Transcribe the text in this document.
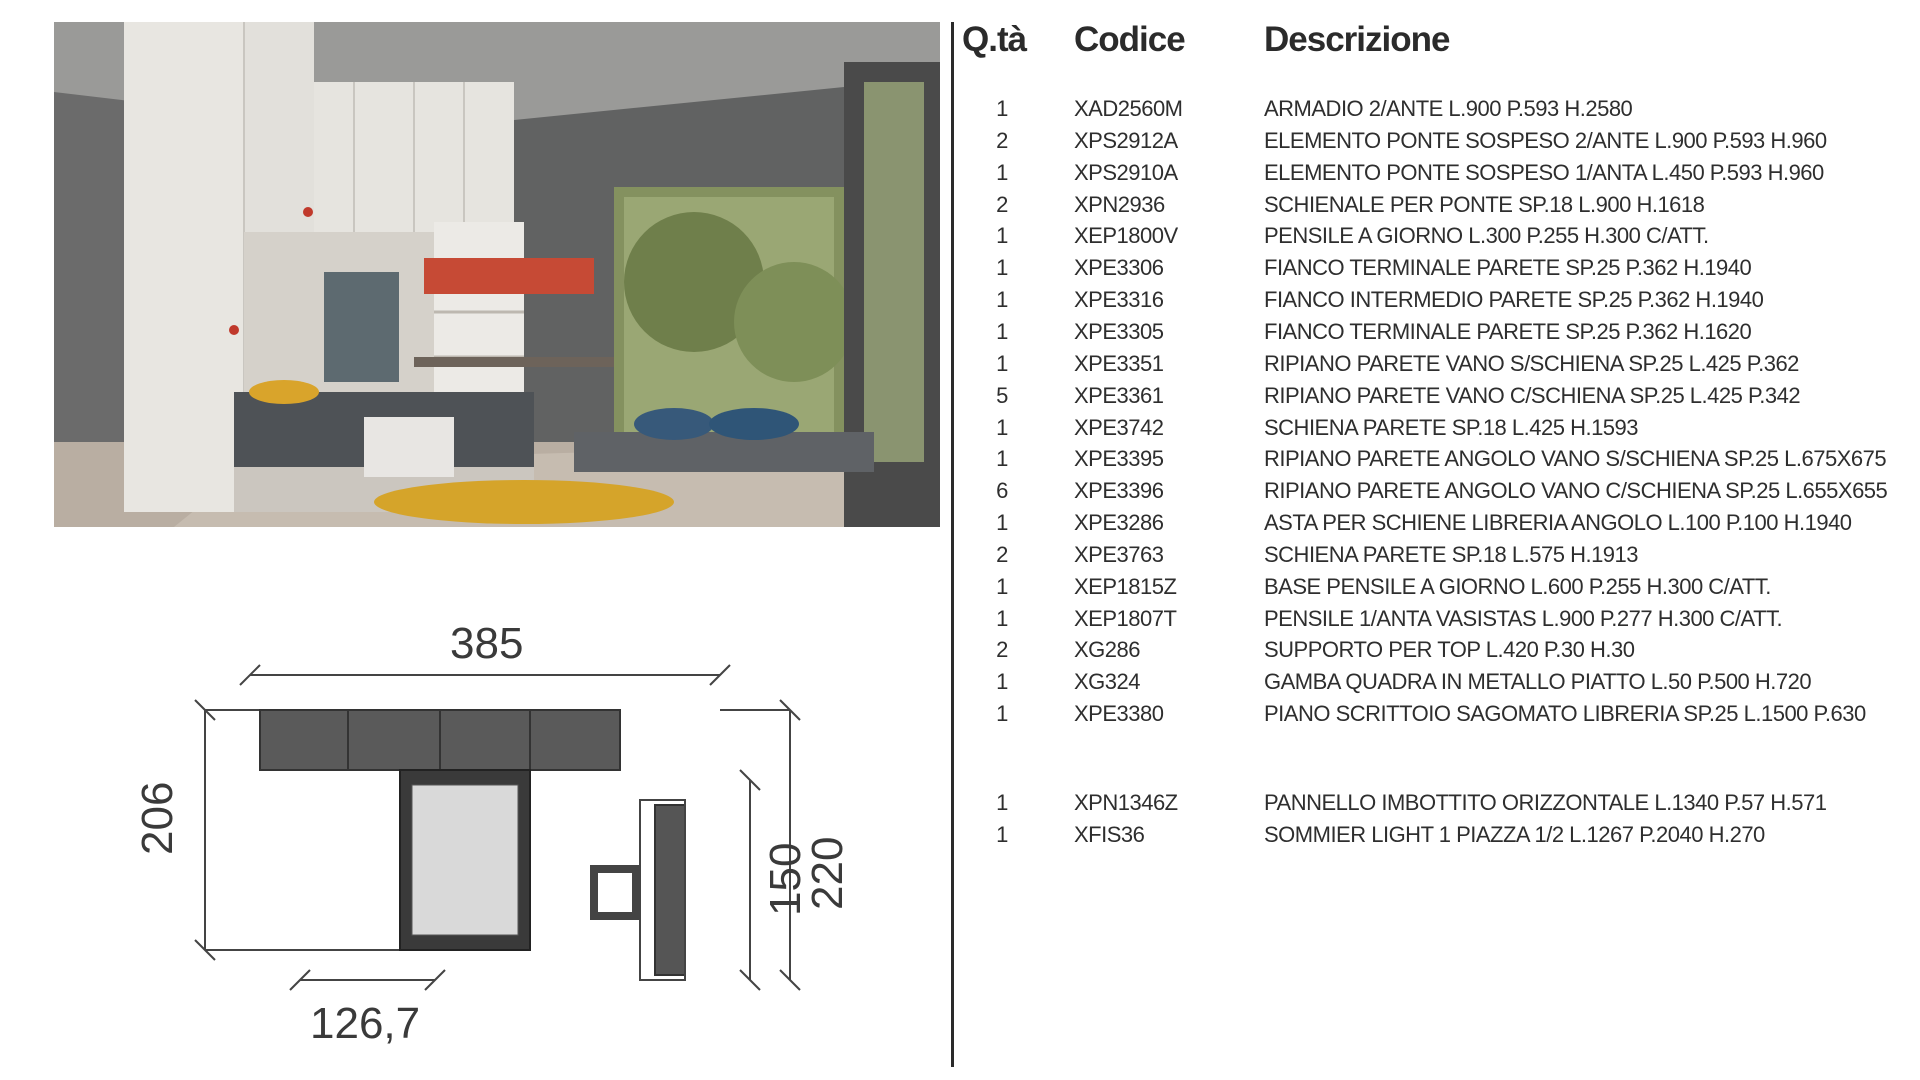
385
206
220
150
126,7
Q.tà Codice Descrizione
1	XAD2560M	ARMADIO 2/ANTE L.900 P.593 H.2580
2	XPS2912A	ELEMENTO PONTE SOSPESO 2/ANTE L.900 P.593 H.960
1	XPS2910A	ELEMENTO PONTE SOSPESO 1/ANTA L.450 P.593 H.960
2	XPN2936	SCHIENALE PER PONTE SP.18 L.900 H.1618
1	XEP1800V	PENSILE A GIORNO L.300 P.255 H.300 C/ATT.
1	XPE3306	FIANCO TERMINALE PARETE SP.25 P.362 H.1940
1	XPE3316	FIANCO INTERMEDIO PARETE SP.25 P.362 H.1940
1	XPE3305	FIANCO TERMINALE PARETE SP.25 P.362 H.1620
1	XPE3351	RIPIANO PARETE VANO S/SCHIENA SP.25 L.425 P.362
5	XPE3361	RIPIANO PARETE VANO C/SCHIENA SP.25 L.425 P.342
1	XPE3742	SCHIENA PARETE SP.18 L.425 H.1593
1	XPE3395	RIPIANO PARETE ANGOLO VANO S/SCHIENA SP.25 L.675X675
6	XPE3396	RIPIANO PARETE ANGOLO VANO C/SCHIENA SP.25 L.655X655
1	XPE3286	ASTA PER SCHIENE LIBRERIA ANGOLO L.100 P.100 H.1940
2	XPE3763	SCHIENA PARETE SP.18 L.575 H.1913
1	XEP1815Z	BASE PENSILE A GIORNO L.600 P.255 H.300 C/ATT.
1	XEP1807T	PENSILE 1/ANTA VASISTAS L.900 P.277 H.300 C/ATT.
2	XG286	SUPPORTO PER TOP L.420 P.30 H.30
1	XG324	GAMBA QUADRA IN METALLO PIATTO L.50 P.500 H.720
1	XPE3380	PIANO SCRITTOIO SAGOMATO LIBRERIA SP.25 L.1500 P.630
1	XPN1346Z	PANNELLO IMBOTTITO ORIZZONTALE L.1340 P.57 H.571
1	XFIS36	SOMMIER LIGHT 1 PIAZZA 1/2 L.1267 P.2040 H.270
